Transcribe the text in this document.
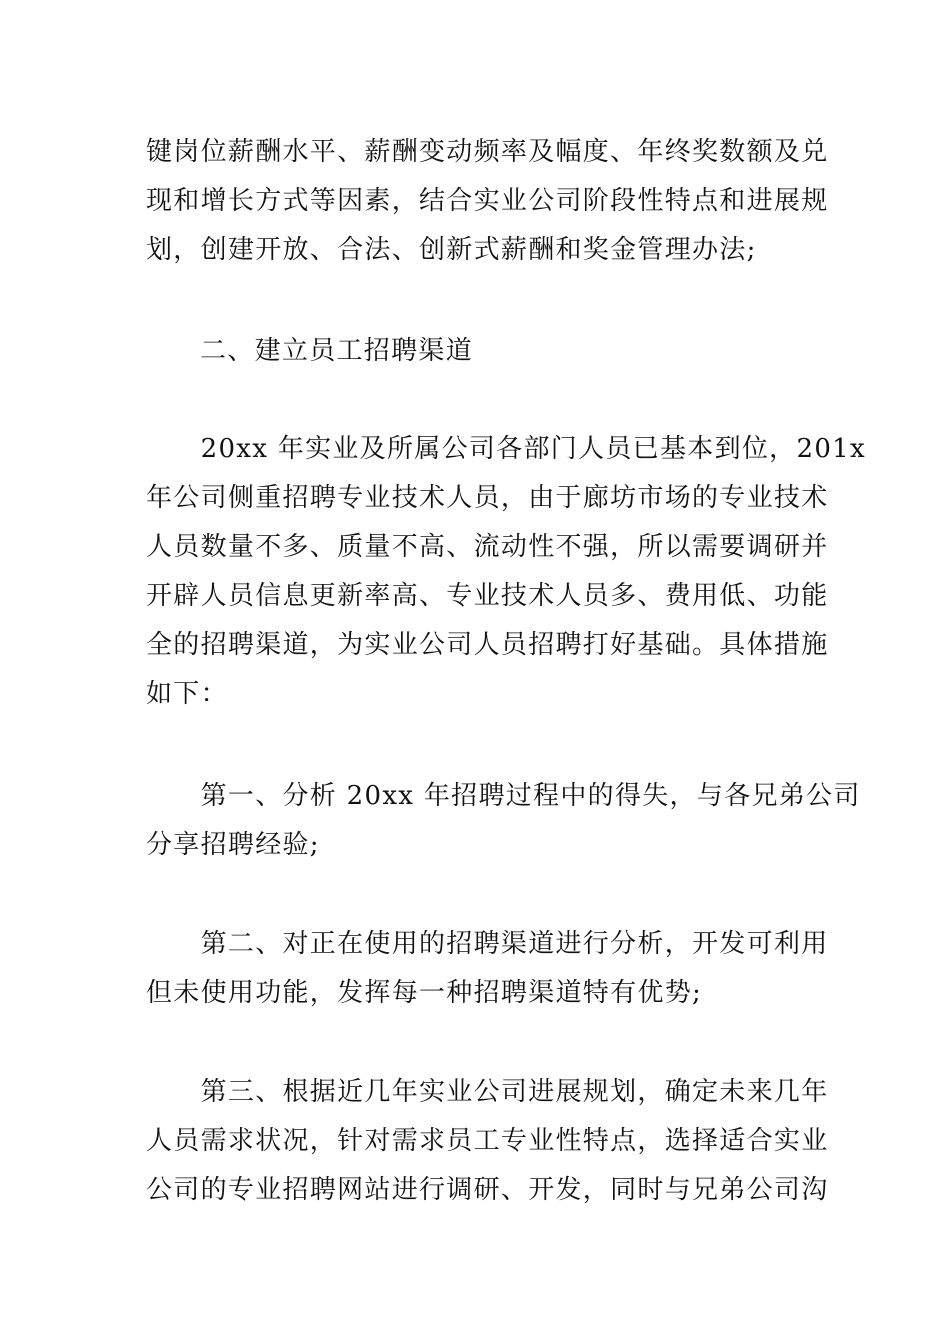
键岗位薪酬水平、薪酬变动频率及幅度、年终奖数额及兑
现和增长方式等因素，结合实业公司阶段性特点和进展规
划，创建开放、合法、创新式薪酬和奖金管理办法;
二、建立员工招聘渠道
　　20xx 年实业及所属公司各部门人员已基本到位，201x
年公司侧重招聘专业技术人员，由于廊坊市场的专业技术
人员数量不多、质量不高、流动性不强，所以需要调研并
开辟人员信息更新率高、专业技术人员多、费用低、功能
全的招聘渠道，为实业公司人员招聘打好基础。具体措施
如下：
　　第一、分析 20xx 年招聘过程中的得失，与各兄弟公司
分享招聘经验;
　　第二、对正在使用的招聘渠道进行分析，开发可利用
但未使用功能，发挥每一种招聘渠道特有优势;
　　第三、根据近几年实业公司进展规划，确定未来几年
人员需求状况，针对需求员工专业性特点，选择适合实业
公司的专业招聘网站进行调研、开发，同时与兄弟公司沟
